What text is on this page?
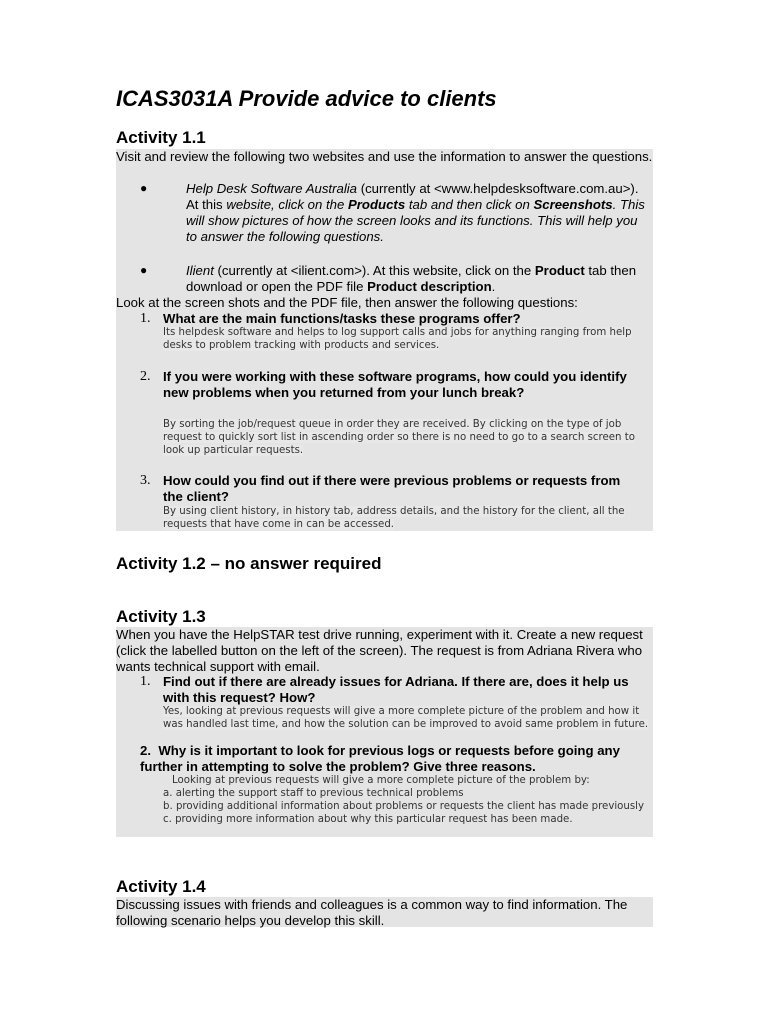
ICAS3031A Provide advice to clients
Activity 1.1
Visit and review the following two websites and use the information to answer the questions.
●	Help Desk Software Australia (currently at <www.helpdesksoftware.com.au>). At this website, click on the Products tab and then click on Screenshots. This will show pictures of how the screen looks and its functions. This will help you to answer the following questions.
●	Ilient (currently at <ilient.com>). At this website, click on the Product tab then download or open the PDF file Product description.
Look at the screen shots and the PDF file, then answer the following questions:
1. What are the main functions/tasks these programs offer?
Its helpdesk software and helps to log support calls and jobs for anything ranging from help desks to problem tracking with products and services.
2. If you were working with these software programs, how could you identify new problems when you returned from your lunch break?
By sorting the job/request queue in order they are received. By clicking on the type of job request to quickly sort list in ascending order so there is no need to go to a search screen to look up particular requests.
3. How could you find out if there were previous problems or requests from the client?
By using client history, in history tab, address details, and the history for the client, all the requests that have come in can be accessed.
Activity 1.2 – no answer required
Activity 1.3
When you have the HelpSTAR test drive running, experiment with it. Create a new request (click the labelled button on the left of the screen). The request is from Adriana Rivera who wants technical support with email.
1. Find out if there are already issues for Adriana. If there are, does it help us with this request? How?
Yes, looking at previous requests will give a more complete picture of the problem and how it was handled last time, and how the solution can be improved to avoid same problem in future.
2. Why is it important to look for previous logs or requests before going any further in attempting to solve the problem? Give three reasons.
Looking at previous requests will give a more complete picture of the problem by:
a. alerting the support staff to previous technical problems
b. providing additional information about problems or requests the client has made previously
c. providing more information about why this particular request has been made.
Activity 1.4
Discussing issues with friends and colleagues is a common way to find information. The following scenario helps you develop this skill.
